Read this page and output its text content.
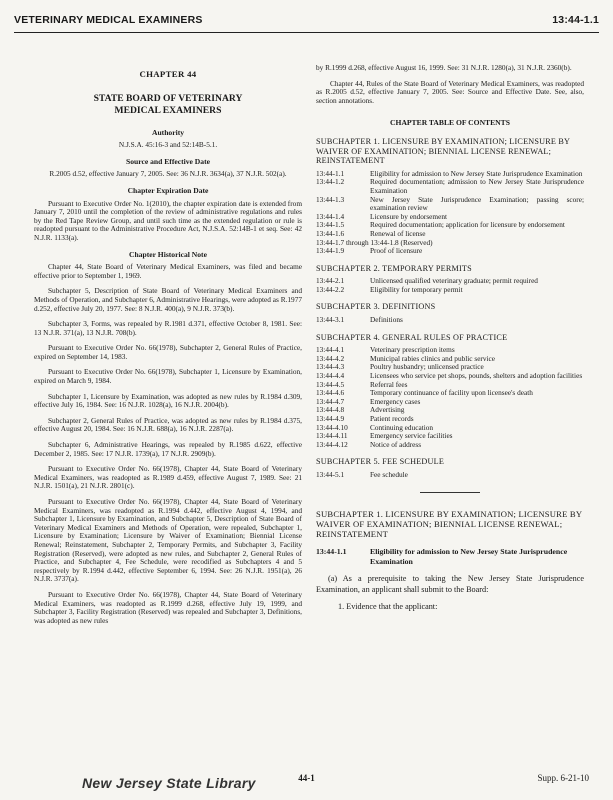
VETERINARY MEDICAL EXAMINERS	13:44-1.1
CHAPTER 44
STATE BOARD OF VETERINARY
MEDICAL EXAMINERS
Authority
N.J.S.A. 45:16-3 and 52:14B-5.1.
Source and Effective Date
R.2005 d.52, effective January 7, 2005. See: 36 N.J.R. 3634(a), 37 N.J.R. 502(a).
Chapter Expiration Date

Pursuant to Executive Order No. 1(2010), the chapter expiration date is extended from January 7, 2010 until the completion of the review of administrative regulations and rules by the Red Tape Review Group, and until such time as the extended regulation or rule is readopted pursuant to the Administrative Procedure Act, N.J.S.A. 52:14B-1 et seq. See: 42 N.J.R. 1133(a).

Chapter Historical Note

Chapter 44, State Board of Veterinary Medical Examiners, was filed and became effective prior to September 1, 1969.

Subchapter 5, Description of State Board of Veterinary Medical Examiners and Methods of Operation, and Subchapter 6, Administrative Hearings, were adopted as R.1977 d.252, effective July 20, 1977. See: 8 N.J.R. 400(a), 9 N.J.R. 373(b).

Subchapter 3, Forms, was repealed by R.1981 d.371, effective October 8, 1981. See: 13 N.J.R. 371(a), 13 N.J.R. 708(b).

Pursuant to Executive Order No. 66(1978), Subchapter 2, General Rules of Practice, expired on September 14, 1983.

Pursuant to Executive Order No. 66(1978), Subchapter 1, Licensure by Examination, expired on March 9, 1984.

Subchapter 1, Licensure by Examination, was adopted as new rules by R.1984 d.309, effective July 16, 1984. See: 16 N.J.R. 1028(a), 16 N.J.R. 2004(b).

Subchapter 2, General Rules of Practice, was adopted as new rules by R.1984 d.375, effective August 20, 1984. See: 16 N.J.R. 688(a), 16 N.J.R. 2287(a).

Subchapter 6, Administrative Hearings, was repealed by R.1985 d.622, effective December 2, 1985. See: 17 N.J.R. 1739(a), 17 N.J.R. 2909(b).

Pursuant to Executive Order No. 66(1978), Chapter 44, State Board of Veterinary Medical Examiners, was readopted as R.1989 d.459, effective August 7, 1989. See: 21 N.J.R. 1501(a), 21 N.J.R. 2801(c).

Pursuant to Executive Order No. 66(1978), Chapter 44, State Board of Veterinary Medical Examiners, was readopted as R.1994 d.442, effective August 4, 1994, and Subchapter 1, Licensure by Examination, and Subchapter 5, Description of State Board of Veterinary Medical Examiners and Methods of Operation, were repealed, Subchapter 1, Licensure by Examination; Licensure by Waiver of Examination; Biennial License Renewal; Reinstatement, Subchapter 2, Temporary Permits, and Subchapter 3, Facility Registration (Reserved), were adopted as new rules, and Subchapter 2, General Rules of Practice, and Subchapter 4, Fee Schedule, were recodified as Subchapters 4 and 5 respectively by R.1994 d.442, effective September 6, 1994. See: 26 N.J.R. 1951(a), 26 N.J.R. 3737(a).

Pursuant to Executive Order No. 66(1978), Chapter 44, State Board of Veterinary Medical Examiners, was readopted as R.1999 d.268, effective July 19, 1999, and Subchapter 3, Facility Registration (Reserved) was repealed and Subchapter 3, Definitions, was adopted as new rules

by R.1999 d.268, effective August 16, 1999. See: 31 N.J.R. 1280(a), 31 N.J.R. 2360(b).

Chapter 44, Rules of the State Board of Veterinary Medical Examiners, was readopted as R.2005 d.52, effective January 7, 2005. See: Source and Effective Date. See, also, section annotations.

CHAPTER TABLE OF CONTENTS
SUBCHAPTER 1. LICENSURE BY EXAMINATION; LICENSURE BY WAIVER OF EXAMINATION; BIENNIAL LICENSE RENEWAL; REINSTATEMENT
13:44-1.1	Eligibility for admission to New Jersey State Jurisprudence Examination
13:44-1.2	Required documentation; admission to New Jersey State Jurisprudence Examination
13:44-1.3	New Jersey State Jurisprudence Examination; passing score; examination review
13:44-1.4	Licensure by endorsement
13:44-1.5	Required documentation; application for licensure by endorsement
13:44-1.6	Renewal of license
13:44-1.7 through 13:44-1.8 (Reserved)
13:44-1.9	Proof of licensure
SUBCHAPTER 2. TEMPORARY PERMITS
13:44-2.1	Unlicensed qualified veterinary graduate; permit required
13:44-2.2	Eligibility for temporary permit
SUBCHAPTER 3. DEFINITIONS
13:44-3.1	Definitions
SUBCHAPTER 4. GENERAL RULES OF PRACTICE
13:44-4.1	Veterinary prescription items
13:44-4.2	Municipal rabies clinics and public service
13:44-4.3	Poultry husbandry; unlicensed practice
13:44-4.4	Licensees who service pet shops, pounds, shelters and adoption facilities
13:44-4.5	Referral fees
13:44-4.6	Temporary continuance of facility upon licensee's death
13:44-4.7	Emergency cases
13:44-4.8	Advertising
13:44-4.9	Patient records
13:44-4.10	Continuing education
13:44-4.11	Emergency service facilities
13:44-4.12	Notice of address
SUBCHAPTER 5. FEE SCHEDULE
13:44-5.1	Fee schedule
SUBCHAPTER 1. LICENSURE BY EXAMINATION; LICENSURE BY WAIVER OF EXAMINATION; BIENNIAL LICENSE RENEWAL; REINSTATEMENT
13:44-1.1	Eligibility for admission to New Jersey State Jurisprudence Examination

(a) As a prerequisite to taking the New Jersey State Jurisprudence Examination, an applicant shall submit to the Board:

1. Evidence that the applicant:

New Jersey State Library	44-1	Supp. 6-21-10
